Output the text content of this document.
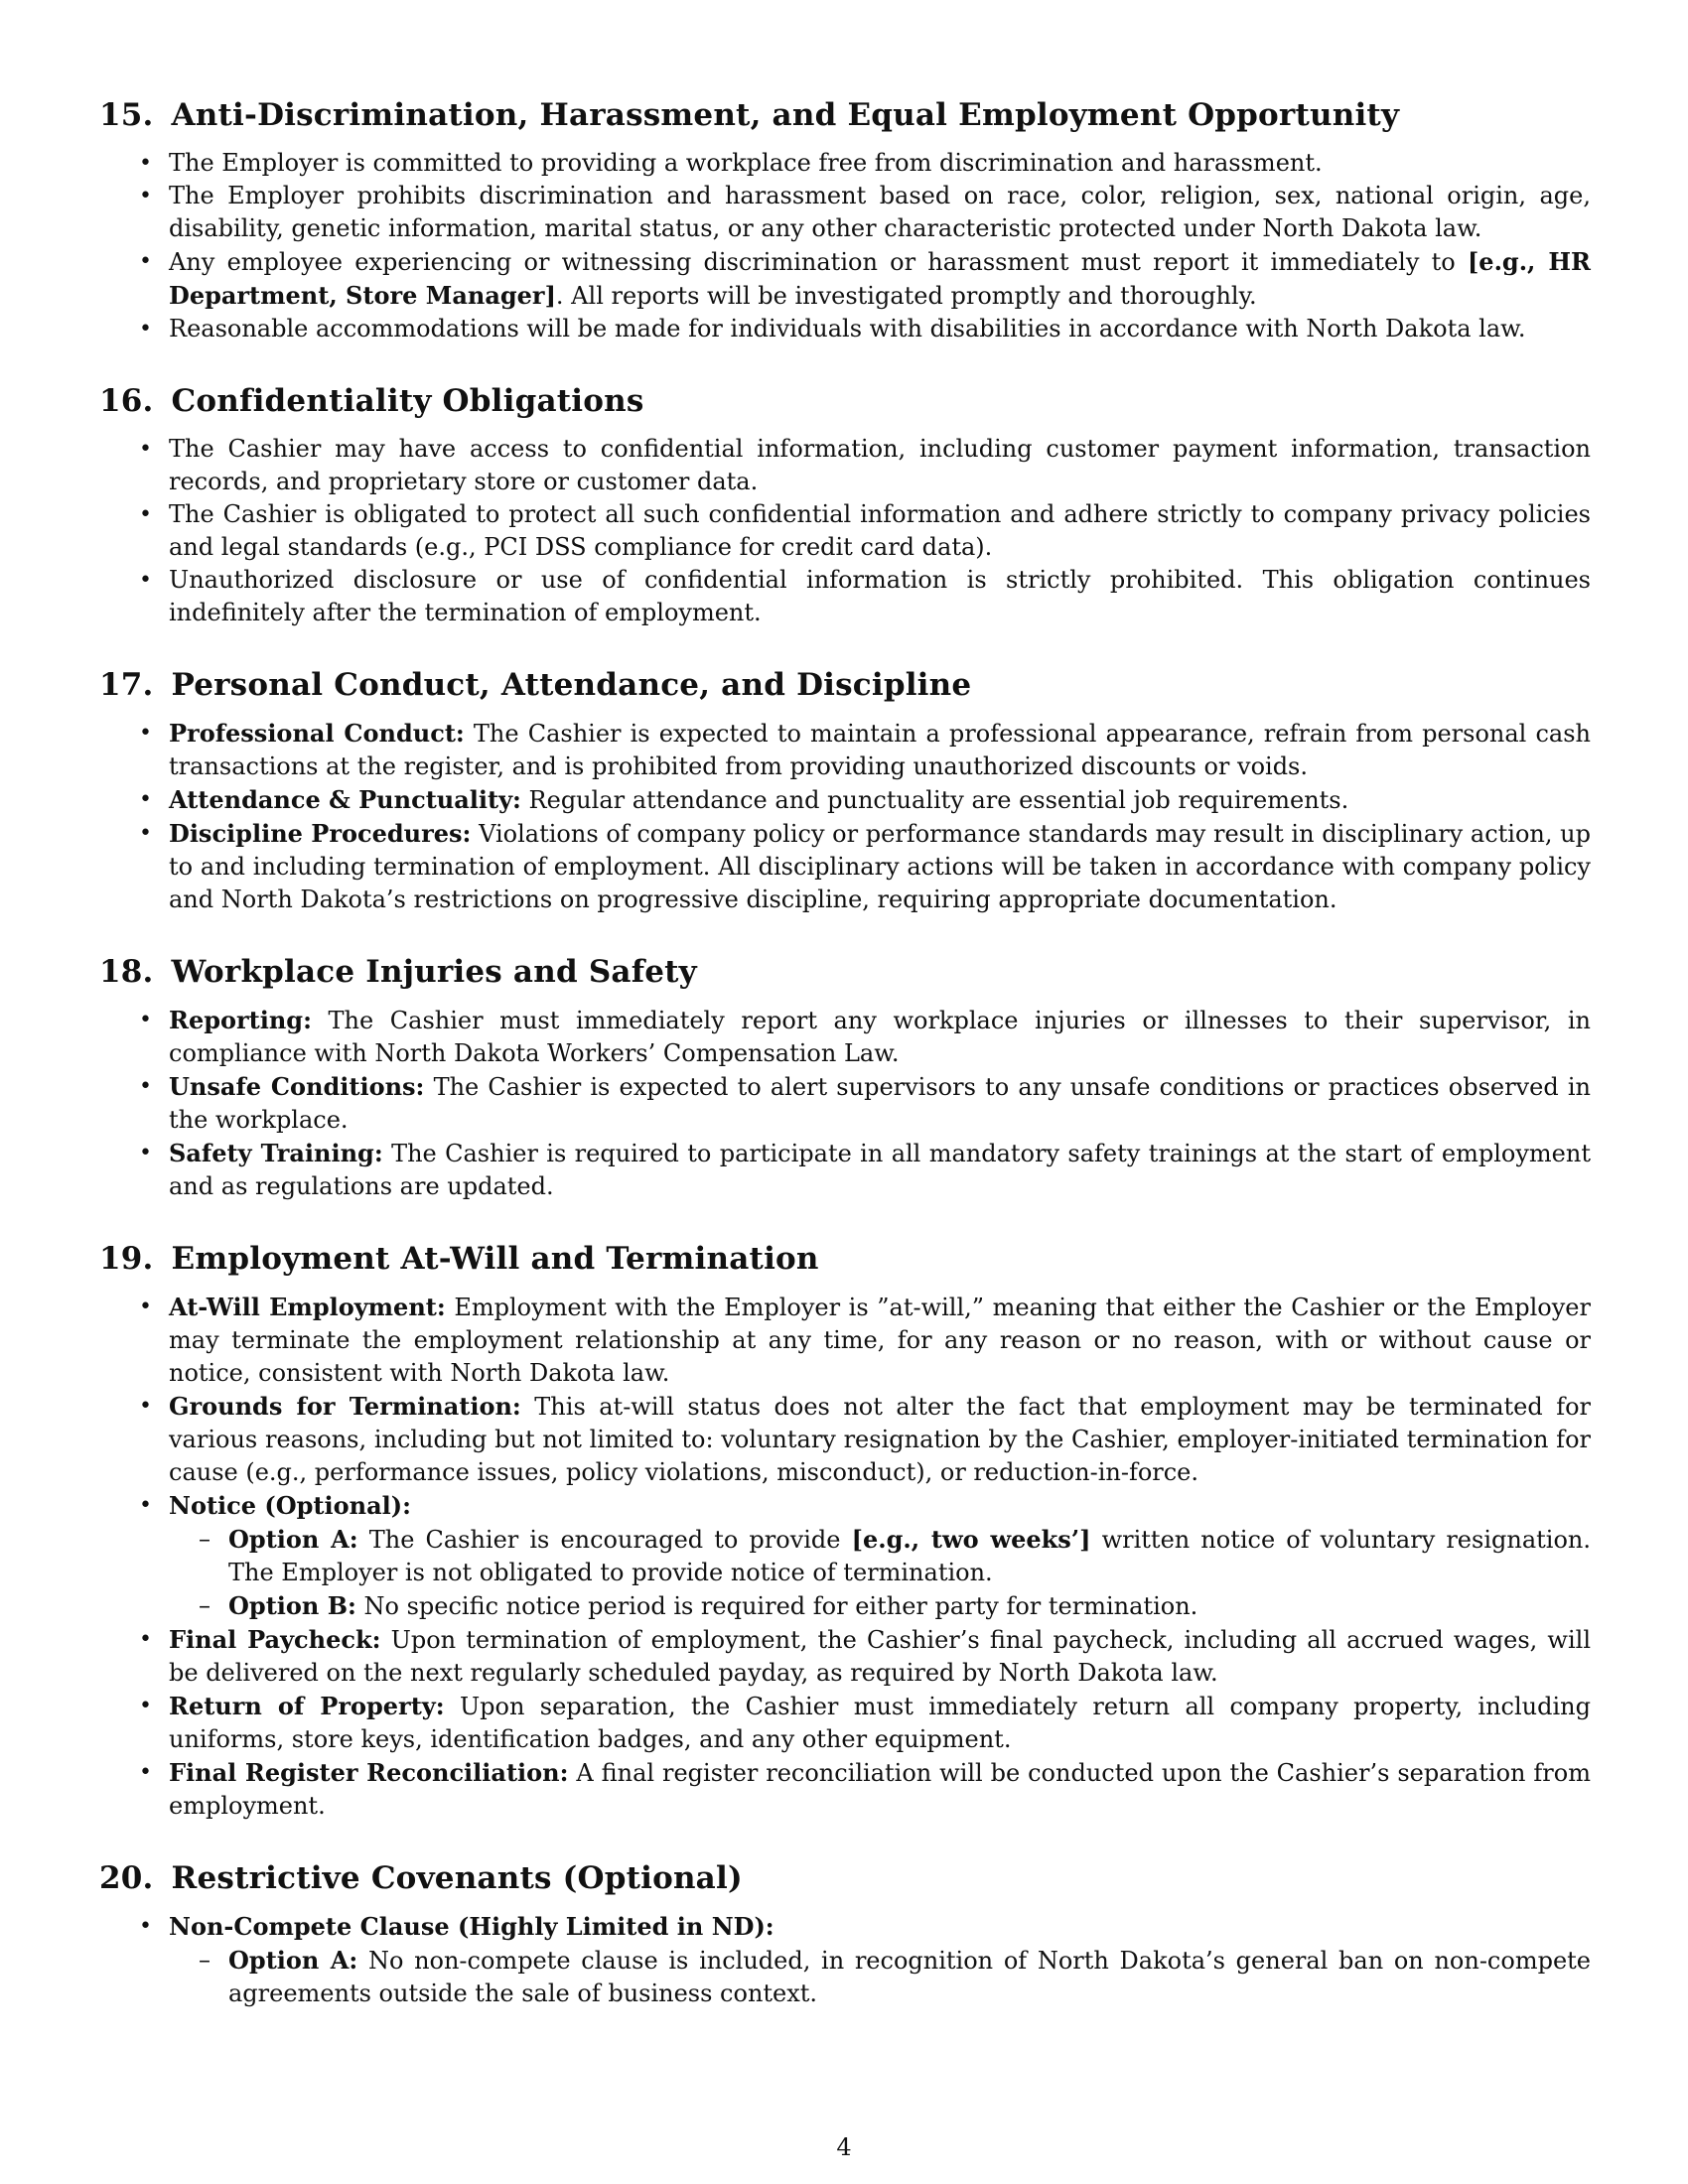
15. Anti-Discrimination, Harassment, and Equal Employment Opportunity
• The Employer is committed to providing a workplace free from discrimination and harassment.
• The Employer prohibits discrimination and harassment based on race, color, religion, sex, national origin, age, disability, genetic information, marital status, or any other characteristic protected under North Dakota law.
• Any employee experiencing or witnessing discrimination or harassment must report it immediately to [e.g., HR Department, Store Manager]. All reports will be investigated promptly and thoroughly.
• Reasonable accommodations will be made for individuals with disabilities in accordance with North Dakota law.
16. Confidentiality Obligations
• The Cashier may have access to confidential information, including customer payment information, transaction records, and proprietary store or customer data.
• The Cashier is obligated to protect all such confidential information and adhere strictly to company privacy policies and legal standards (e.g., PCI DSS compliance for credit card data).
• Unauthorized disclosure or use of confidential information is strictly prohibited. This obligation continues indefinitely after the termination of employment.
17. Personal Conduct, Attendance, and Discipline
• Professional Conduct: The Cashier is expected to maintain a professional appearance, refrain from personal cash transactions at the register, and is prohibited from providing unauthorized discounts or voids.
• Attendance & Punctuality: Regular attendance and punctuality are essential job requirements.
• Discipline Procedures: Violations of company policy or performance standards may result in disciplinary action, up to and including termination of employment. All disciplinary actions will be taken in accordance with company policy and North Dakota’s restrictions on progressive discipline, requiring appropriate documentation.
18. Workplace Injuries and Safety
• Reporting: The Cashier must immediately report any workplace injuries or illnesses to their supervisor, in compliance with North Dakota Workers’ Compensation Law.
• Unsafe Conditions: The Cashier is expected to alert supervisors to any unsafe conditions or practices observed in the workplace.
• Safety Training: The Cashier is required to participate in all mandatory safety trainings at the start of employment and as regulations are updated.
19. Employment At-Will and Termination
• At-Will Employment: Employment with the Employer is ”at-will,” meaning that either the Cashier or the Employer may terminate the employment relationship at any time, for any reason or no reason, with or without cause or notice, consistent with North Dakota law.
• Grounds for Termination: This at-will status does not alter the fact that employment may be terminated for various reasons, including but not limited to: voluntary resignation by the Cashier, employer-initiated termination for cause (e.g., performance issues, policy violations, misconduct), or reduction-in-force.
• Notice (Optional):
– Option A: The Cashier is encouraged to provide [e.g., two weeks’] written notice of voluntary resignation. The Employer is not obligated to provide notice of termination.
– Option B: No specific notice period is required for either party for termination.
• Final Paycheck: Upon termination of employment, the Cashier’s final paycheck, including all accrued wages, will be delivered on the next regularly scheduled payday, as required by North Dakota law.
• Return of Property: Upon separation, the Cashier must immediately return all company property, including uniforms, store keys, identification badges, and any other equipment.
• Final Register Reconciliation: A final register reconciliation will be conducted upon the Cashier’s separation from employment.
20. Restrictive Covenants (Optional)
• Non-Compete Clause (Highly Limited in ND):
– Option A: No non-compete clause is included, in recognition of North Dakota’s general ban on non-compete agreements outside the sale of business context.
4
